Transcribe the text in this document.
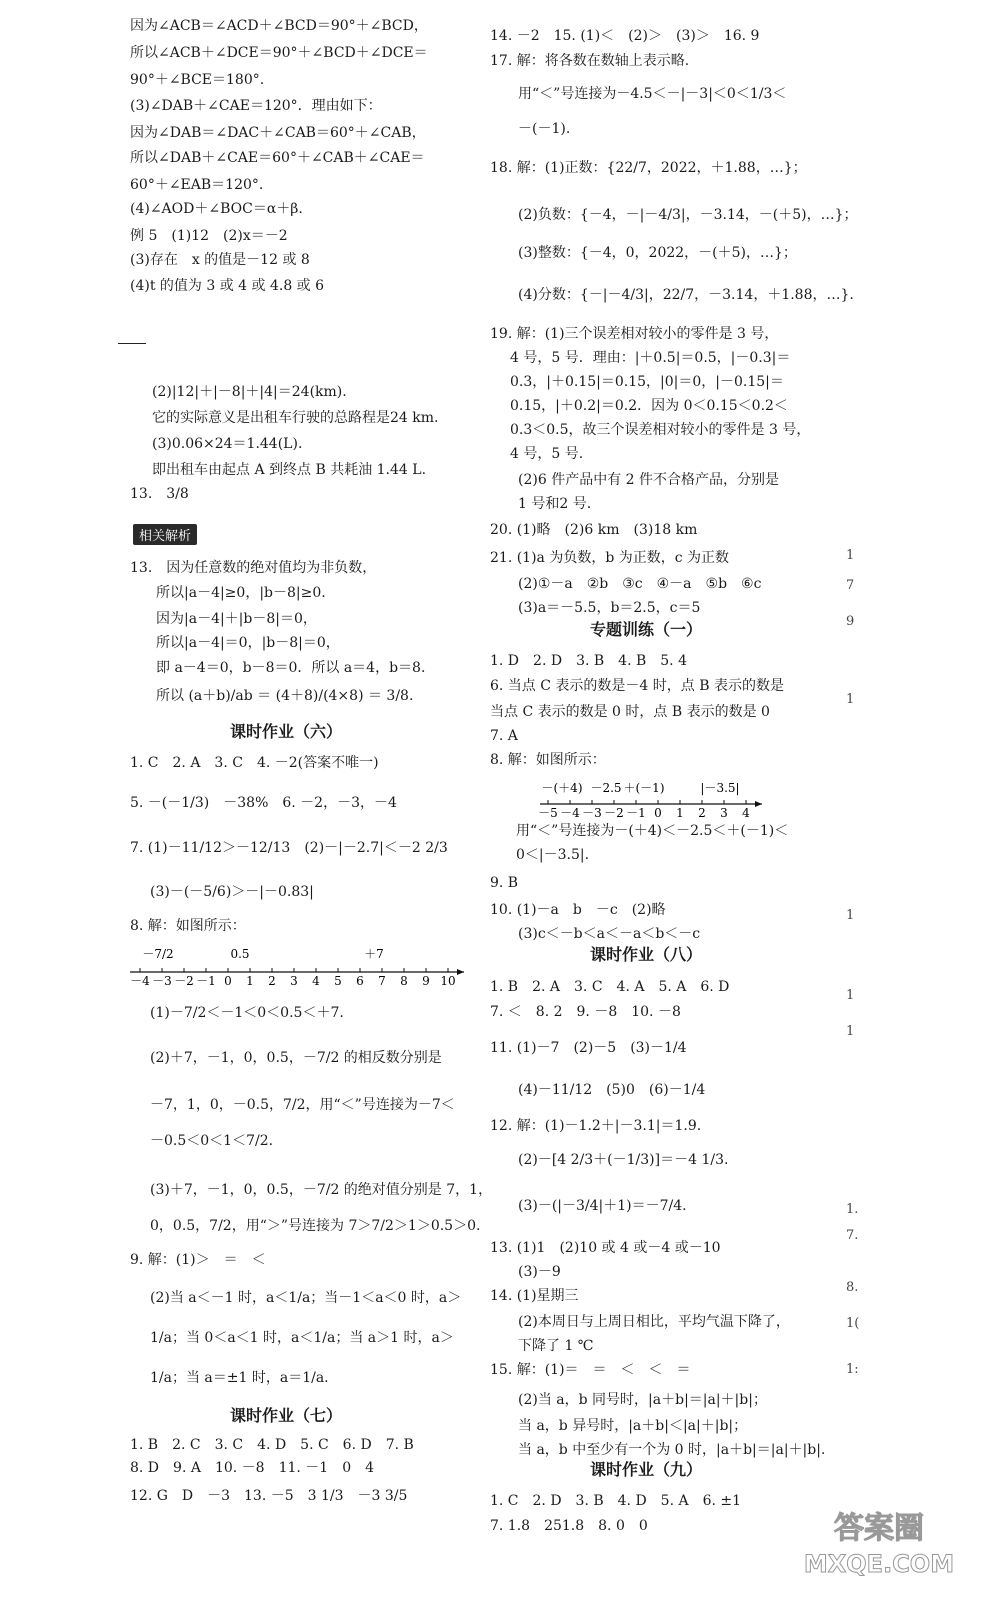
因为∠ACB＝∠ACD＋∠BCD＝90°＋∠BCD，
所以∠ACB＋∠DCE＝90°＋∠BCD＋∠DCE＝
90°＋∠BCE＝180°.
(3)∠DAB＋∠CAE＝120°．理由如下：
因为∠DAB＝∠DAC＋∠CAB＝60°＋∠CAB，
所以∠DAB＋∠CAE＝60°＋∠CAB＋∠CAE＝
60°＋∠EAB＝120°.
(4)∠AOD＋∠BOC＝α＋β.
例 5　(1)12　(2)x＝－2
(3)存在　x 的值是－12 或 8
(4)t 的值为 3 或 4 或 4.8 或 6
(2)|12|＋|－8|＋|4|＝24(km).
它的实际意义是出租车行驶的总路程是24 km.
(3)0.06×24＝1.44(L).
即出租车由起点 A 到终点 B 共耗油 1.44 L.
13.　3/8
13.　因为任意数的绝对值均为非负数，
所以|a－4|≥0，|b－8|≥0.
因为|a－4|＋|b－8|＝0，
所以|a－4|＝0，|b－8|＝0，
即 a－4＝0，b－8＝0．所以 a＝4，b＝8.
所以 (a＋b)/ab ＝ (4＋8)/(4×8) ＝ 3/8.
1. C　2. A　3. C　4. －2(答案不唯一)
5. －(－1/3)　－38%　6. －2，－3，－4
7. (1)－11/12＞－12/13　(2)－|－2.7|＜－2 2/3
(3)－(－5/6)＞－|－0.83|
8. 解：如图所示：
(1)－7/2＜－1＜0＜0.5＜＋7.
(2)＋7，－1，0，0.5，－7/2 的相反数分别是
－7，1，0，－0.5，7/2，用“＜”号连接为－7＜
－0.5＜0＜1＜7/2.
(3)＋7，－1，0，0.5，－7/2 的绝对值分别是 7，1，
0，0.5，7/2，用“＞”号连接为 7＞7/2＞1＞0.5＞0.
9. 解：(1)＞　＝　＜
(2)当 a＜－1 时，a＜1/a；当－1＜a＜0 时，a＞
1/a；当 0＜a＜1 时，a＜1/a；当 a＞1 时，a＞
1/a；当 a＝±1 时，a＝1/a.
1. B　2. C　3. C　4. D　5. C　6. D　7. B
8. D　9. A　10. －8　11. －1　0　4
12. G　D　－3　13. －5　3 1/3　－3 3/5
课时作业（六）
课时作业（七）
14. －2　15. (1)＜　(2)＞　(3)＞　16. 9
17. 解：将各数在数轴上表示略.
用“＜”号连接为－4.5＜－|－3|＜0＜1/3＜
－(－1).
18. 解：(1)正数：{22/7，2022，＋1.88，…}；
(2)负数：{－4，－|－4/3|，－3.14，－(＋5)，…}；
(3)整数：{－4，0，2022，－(＋5)，…}；
(4)分数：{－|－4/3|，22/7，－3.14，＋1.88，…}.
19. 解：(1)三个误差相对较小的零件是 3 号，
4 号，5 号．理由：|＋0.5|＝0.5，|－0.3|＝
0.3，|＋0.15|＝0.15，|0|＝0，|－0.15|＝
0.15，|＋0.2|＝0.2．因为 0＜0.15＜0.2＜
0.3＜0.5，故三个误差相对较小的零件是 3 号，
4 号，5 号.
(2)6 件产品中有 2 件不合格产品，分别是
1 号和2 号.
20. (1)略　(2)6 km　(3)18 km
21. (1)a 为负数，b 为正数，c 为正数
(2)①－a　②b　③c　④－a　⑤b　⑥c
(3)a＝－5.5，b＝2.5，c＝5
1. D　2. D　3. B　4. B　5. 4
6. 当点 C 表示的数是－4 时，点 B 表示的数是
当点 C 表示的数是 0 时，点 B 表示的数是 0
7. A
8. 解：如图所示：
用“＜”号连接为－(＋4)＜－2.5＜＋(－1)＜
0＜|－3.5|.
9. B
10. (1)－a　b　－c　(2)略
(3)c＜－b＜a＜－a＜b＜－c
1. B　2. A　3. C　4. A　5. A　6. D
7. ＜　8. 2　9. －8　10. －8
11. (1)－7　(2)－5　(3)－1/4
(4)－11/12　(5)0　(6)－1/4
12. 解：(1)－1.2＋|－3.1|＝1.9.
(2)－[4 2/3＋(－1/3)]＝－4 1/3.
(3)－(|－3/4|＋1)＝－7/4.
13. (1)1　(2)10 或 4 或－4 或－10
(3)－9
14. (1)星期三
(2)本周日与上周日相比，平均气温下降了，
下降了 1 ℃
15. 解：(1)＝　＝　＜　＜　＝
(2)当 a，b 同号时，|a＋b|＝|a|＋|b|；
当 a，b 异号时，|a＋b|＜|a|＋|b|；
当 a，b 中至少有一个为 0 时，|a＋b|＝|a|＋|b|.
1. C　2. D　3. B　4. D　5. A　6. ±1
7. 1.8　251.8　8. 0　0
专题训练（一）
课时作业（八）
课时作业（九）
相关解析
－4 －3 －2 －1 0 1 2 3 4 5 6 7 8 9 10
－7/2	0.5	＋7
－5 －4 －3 －2 －1 0 1 2 3 4
－(＋4) －2.5 ＋(－1)	|－3.5|
1
7
9
1
1
1
1
1.
7.
8.
1(
1:
答案圈
MXQE.COM
